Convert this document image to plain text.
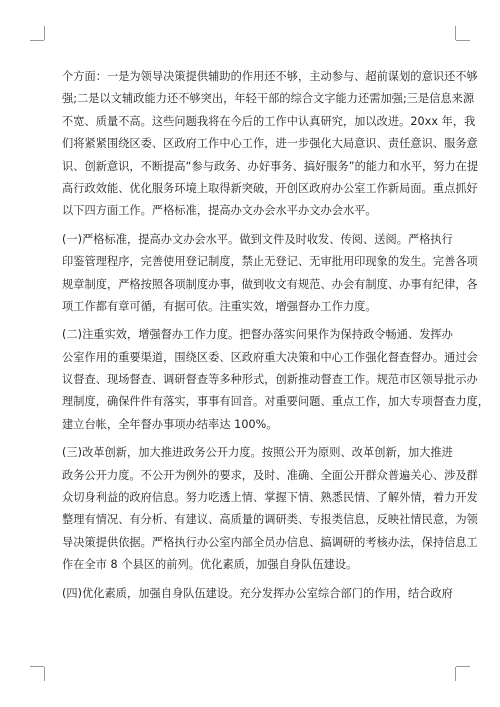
个方面：一是为领导决策提供辅助的作用还不够，主动参与、超前谋划的意识还不够
强;二是以文辅政能力还不够突出，年轻干部的综合文字能力还需加强;三是信息来源
不宽、质量不高。这些问题我将在今后的工作中认真研究，加以改进。20xx 年，我
们将紧紧围绕区委、区政府工作中心工作，进一步强化大局意识、责任意识、服务意
识、创新意识，不断提高“参与政务、办好事务、搞好服务”的能力和水平，努力在提
高行政效能、优化服务环境上取得新突破，开创区政府办公室工作新局面。重点抓好
以下四方面工作。严格标准，提高办文办会水平办文办会水平。
(一)严格标准，提高办文办会水平。做到文件及时收发、传阅、送阅。严格执行
印鉴管理程序，完善使用登记制度，禁止无登记、无审批用印现象的发生。完善各项
规章制度，严格按照各项制度办事，做到收文有规范、办会有制度、办事有纪律，各
项工作都有章可循，有据可依。注重实效，增强督办工作力度。
(二)注重实效，增强督办工作力度。把督办落实问果作为保持政令畅通、发挥办
公室作用的重要渠道，围绕区委、区政府重大决策和中心工作强化督查督办。通过会
议督查、现场督查、调研督查等多种形式，创新推动督查工作。规范市区领导批示办
理制度，确保件件有落实，事事有回音。对重要问题、重点工作，加大专项督查力度，
建立台帐，全年督办事项办结率达 100%。
(三)改革创新，加大推进政务公开力度。按照公开为原则、改革创新，加大推进
政务公开力度。不公开为例外的要求，及时、准确、全面公开群众普遍关心、涉及群
众切身利益的政府信息。努力吃透上情、掌握下情、熟悉民情、了解外情，着力开发
整理有情况、有分析、有建议、高质量的调研类、专报类信息，反映社情民意，为领
导决策提供依据。严格执行办公室内部全员办信息、搞调研的考核办法，保持信息工
作在全市 8 个县区的前列。优化素质，加强自身队伍建设。
(四)优化素质，加强自身队伍建设。充分发挥办公室综合部门的作用，结合政府
